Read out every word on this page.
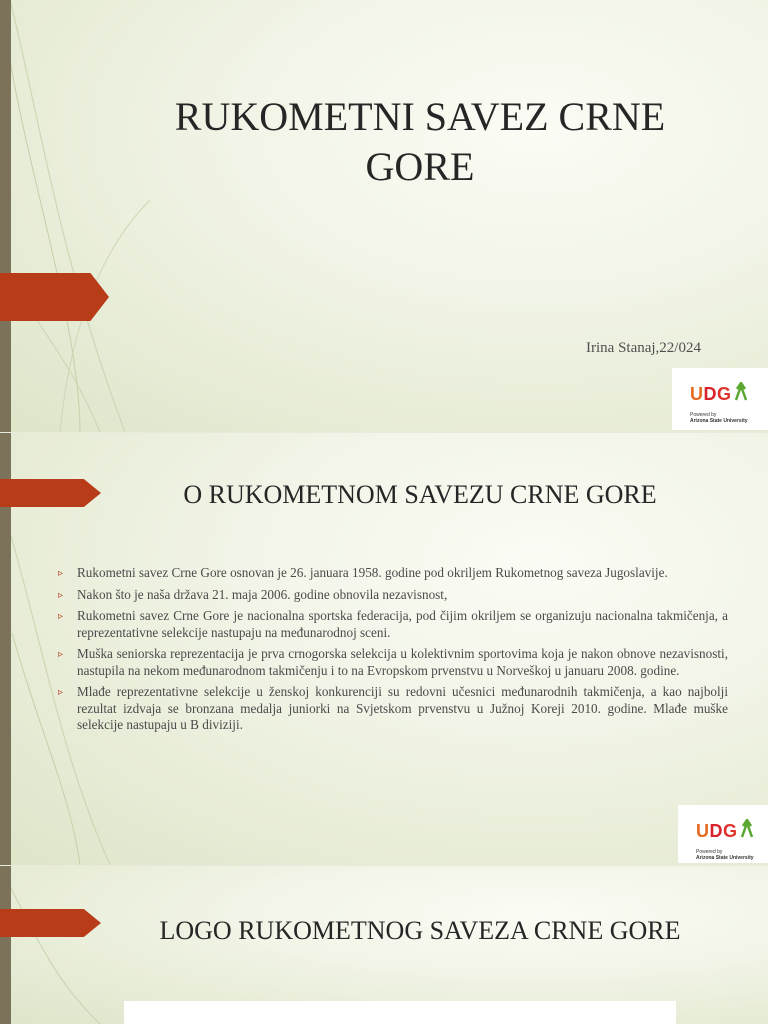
RUKOMETNI SAVEZ CRNE GORE
Irina Stanaj,22/024
UDG
Powered by
Arizona State University
O RUKOMETNOM SAVEZU CRNE GORE
▹ Rukometni savez Crne Gore osnovan je 26. januara 1958. godine pod okriljem Rukometnog saveza Jugoslavije.
▹ Nakon što je naša država 21. maja 2006. godine obnovila nezavisnost,
▹ Rukometni savez Crne Gore je nacionalna sportska federacija, pod čijim okriljem se organizuju nacionalna takmičenja, a reprezentativne selekcije nastupaju na međunarodnoj sceni.
▹ Muška seniorska reprezentacija je prva crnogorska selekcija u kolektivnim sportovima koja je nakon obnove nezavisnosti, nastupila na nekom međunarodnom takmičenju i to na Evropskom prvenstvu u Norveškoj u januaru 2008. godine.
▹ Mlađe reprezentativne selekcije u ženskoj konkurenciji su redovni učesnici međunarodnih takmičenja, a kao najbolji rezultat izdvaja se bronzana medalja juniorki na Svjetskom prvenstvu u Južnoj Koreji 2010. godine. Mlađe muške selekcije nastupaju u B diviziji.
UDG
Powered by
Arizona State University
LOGO RUKOMETNOG SAVEZA CRNE GORE
